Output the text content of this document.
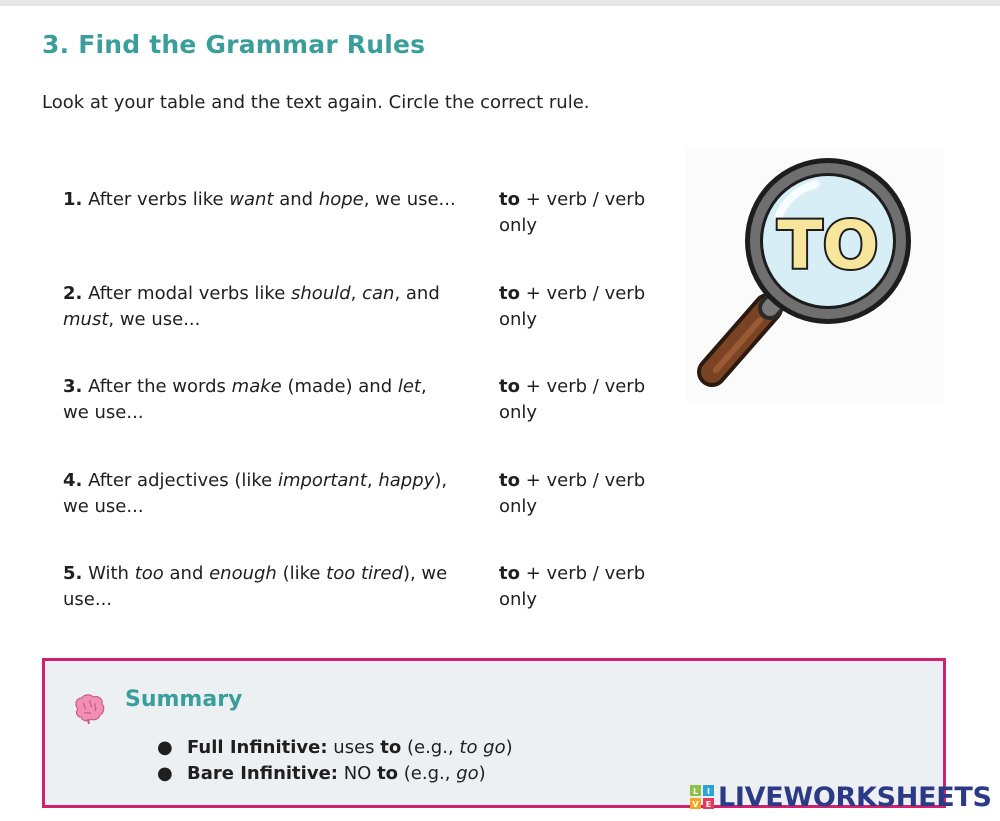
3. Find the Grammar Rules
Look at your table and the text again. Circle the correct rule.
1. After verbs like want and hope, we use... to + verb / verb only
2. After modal verbs like should, can, and must, we use...
to + verb / verb only
3. After the words make (made) and let, we use...
to + verb / verb only
4. After adjectives (like important, happy), we use...
to + verb / verb only
5. With too and enough (like too tired), we use...
to + verb / verb only
TO
Summary
● Full Infinitive: uses to (e.g., to go)
● Bare Infinitive: NO to (e.g., go)
L I
V E LIVEWORKSHEETS
